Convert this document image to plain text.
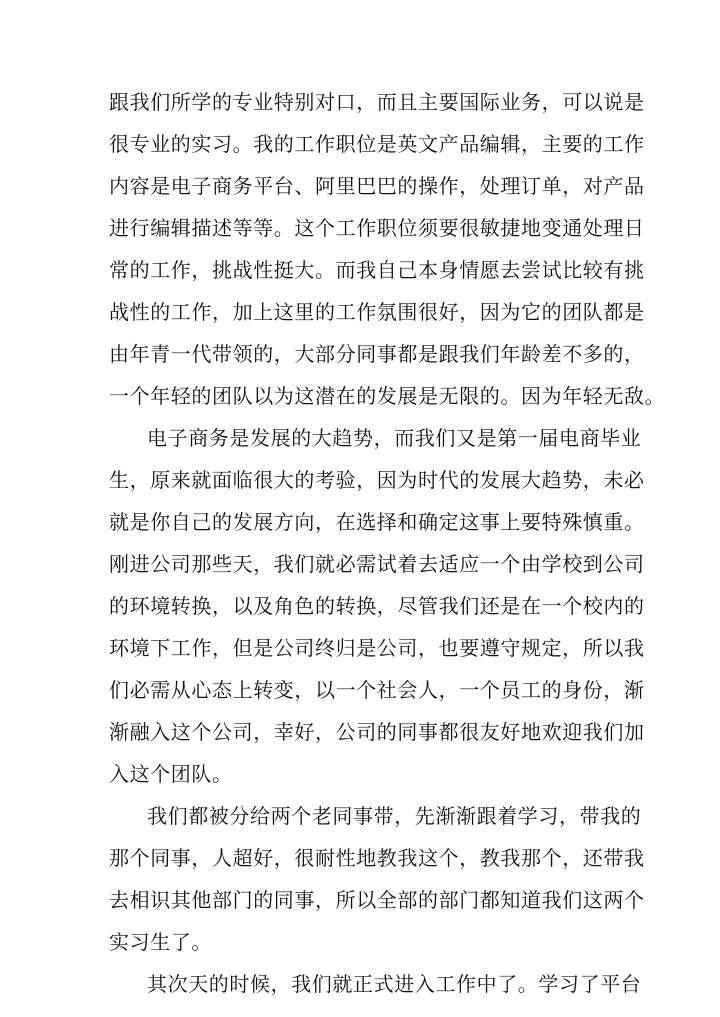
跟我们所学的专业特别对口，而且主要国际业务，可以说是
很专业的实习。我的工作职位是英文产品编辑，主要的工作
内容是电子商务平台、阿里巴巴的操作，处理订单，对产品
进行编辑描述等等。这个工作职位须要很敏捷地变通处理日
常的工作，挑战性挺大。而我自己本身情愿去尝试比较有挑
战性的工作，加上这里的工作氛围很好，因为它的团队都是
由年青一代带领的，大部分同事都是跟我们年龄差不多的，
一个年轻的团队以为这潜在的发展是无限的。因为年轻无敌。
电子商务是发展的大趋势，而我们又是第一届电商毕业
生，原来就面临很大的考验，因为时代的发展大趋势，未必
就是你自己的发展方向，在选择和确定这事上要特殊慎重。
刚进公司那些天，我们就必需试着去适应一个由学校到公司
的环境转换，以及角色的转换，尽管我们还是在一个校内的
环境下工作，但是公司终归是公司，也要遵守规定，所以我
们必需从心态上转变，以一个社会人，一个员工的身份，渐
渐融入这个公司，幸好，公司的同事都很友好地欢迎我们加
入这个团队。
我们都被分给两个老同事带，先渐渐跟着学习，带我的
那个同事，人超好，很耐性地教我这个，教我那个，还带我
去相识其他部门的同事，所以全部的部门都知道我们这两个
实习生了。
其次天的时候，我们就正式进入工作中了。学习了平台
